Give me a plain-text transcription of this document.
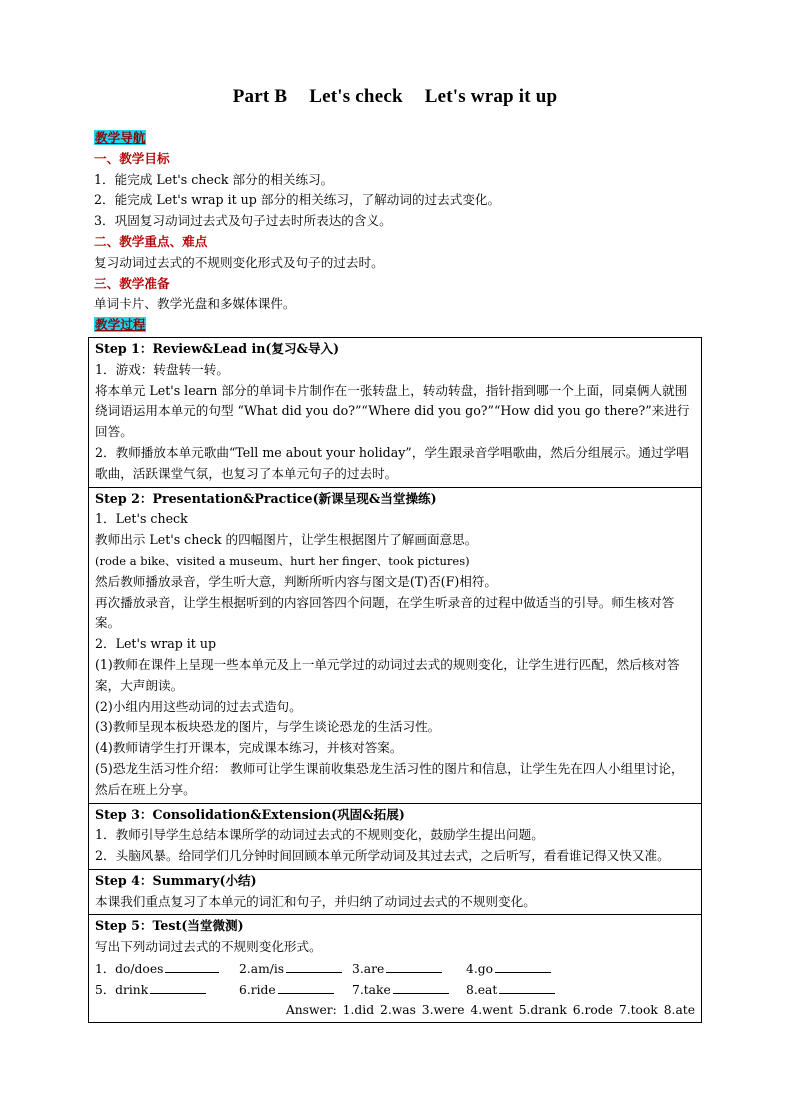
Part B Let's check Let's wrap it up
教学导航
一、教学目标
1．能完成 Let's check 部分的相关练习。
2．能完成 Let's wrap it up 部分的相关练习，了解动词的过去式变化。
3．巩固复习动词过去式及句子过去时所表达的含义。
二、教学重点、难点
复习动词过去式的不规则变化形式及句子的过去时。
三、教学准备
单词卡片、教学光盘和多媒体课件。
教学过程
Step 1：Review&Lead in(复习&导入)
1．游戏：转盘转一转。
将本单元 Let's learn 部分的单词卡片制作在一张转盘上，转动转盘，指针指到哪一个上面，同桌俩人就围绕词语运用本单元的句型 “What did you do?”“Where did you go?”“How did you go there?”来进行回答。
2．教师播放本单元歌曲“Tell me about your holiday”，学生跟录音学唱歌曲，然后分组展示。通过学唱歌曲，活跃课堂气氛，也复习了本单元句子的过去时。

Step 2：Presentation&Practice(新课呈现&当堂操练)
1．Let's check
教师出示 Let's check 的四幅图片，让学生根据图片了解画面意思。
(rode a bike、visited a museum、hurt her finger、took pictures)
然后教师播放录音，学生听大意，判断所听内容与图文是(T)否(F)相符。
再次播放录音，让学生根据听到的内容回答四个问题，在学生听录音的过程中做适当的引导。师生核对答案。
2．Let's wrap it up
(1)教师在课件上呈现一些本单元及上一单元学过的动词过去式的规则变化，让学生进行匹配，然后核对答案，大声朗读。
(2)小组内用这些动词的过去式造句。
(3)教师呈现本板块恐龙的图片，与学生谈论恐龙的生活习性。
(4)教师请学生打开课本，完成课本练习，并核对答案。
(5)恐龙生活习性介绍： 教师可让学生课前收集恐龙生活习性的图片和信息，让学生先在四人小组里讨论，然后在班上分享。

Step 3：Consolidation&Extension(巩固&拓展)
1．教师引导学生总结本课所学的动词过去式的不规则变化，鼓励学生提出问题。
2．头脑风暴。给同学们几分钟时间回顾本单元所学动词及其过去式，之后听写，看看谁记得又快又准。

Step 4：Summary(小结)
本课我们重点复习了本单元的词汇和句子，并归纳了动词过去式的不规则变化。

Step 5：Test(当堂微测)
写出下列动词过去式的不规则变化形式。
1．do/does	2.am/is	3.are	4.go
5．drink	6.ride	7.take	8.eat
Answer: 1.did 2.was 3.were 4.went 5.drank 6.rode 7.took 8.ate
